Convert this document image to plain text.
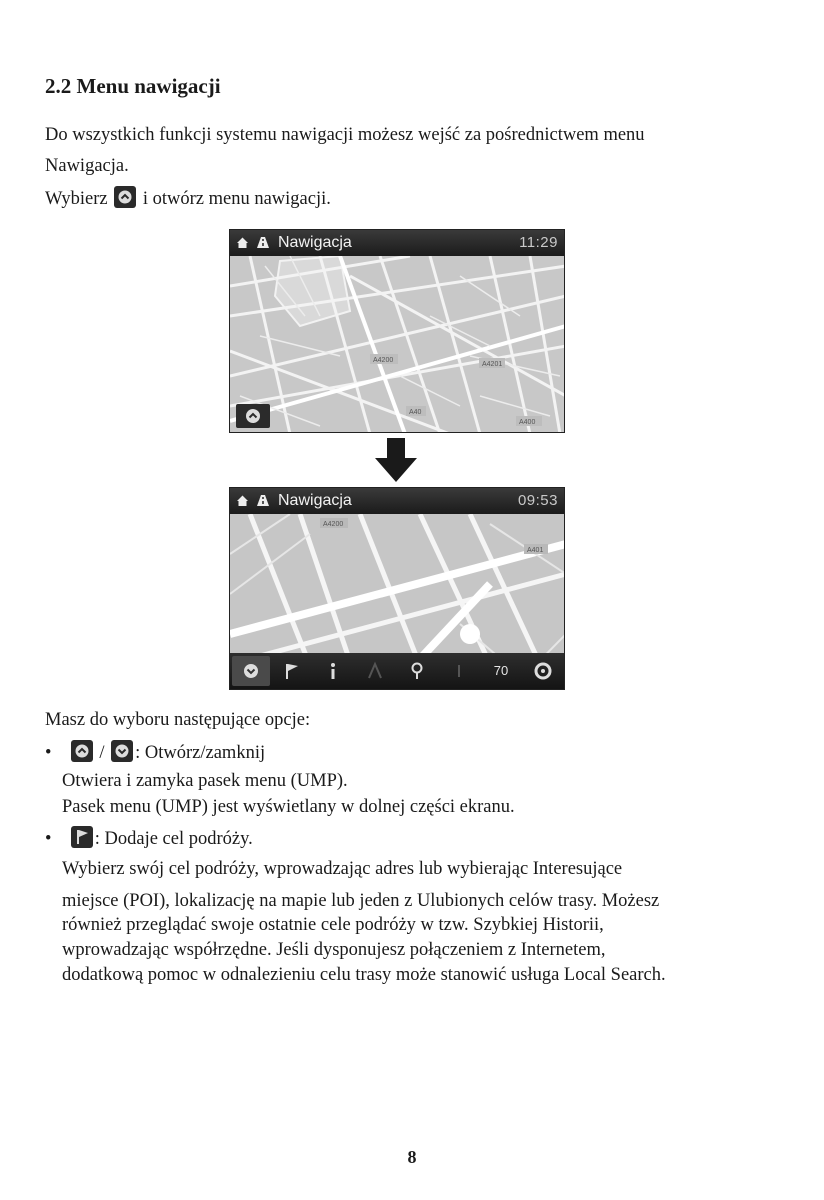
2.2 Menu nawigacji
Do wszystkich funkcji systemu nawigacji możesz wejść za pośrednictwem menu
Nawigacja.
Wybierz i otwórz menu nawigacji.
A4200
A4201
A40
A400
Nawigacja	11:29
A4200
A401
Nawigacja	09:53
70
Masz do wyboru następujące opcje:
•	/ : Otwórz/zamknij
Otwiera i zamyka pasek menu (UMP).
Pasek menu (UMP) jest wyświetlany w dolnej części ekranu.
• : Dodaje cel podróży.
Wybierz swój cel podróży, wprowadzając adres lub wybierając Interesujące
miejsce (POI), lokalizację na mapie lub jeden z Ulubionych celów trasy. Możesz
również przeglądać swoje ostatnie cele podróży w tzw. Szybkiej Historii,
wprowadzając współrzędne. Jeśli dysponujesz połączeniem z Internetem,
dodatkową pomoc w odnalezieniu celu trasy może stanowić usługa Local Search.
8
